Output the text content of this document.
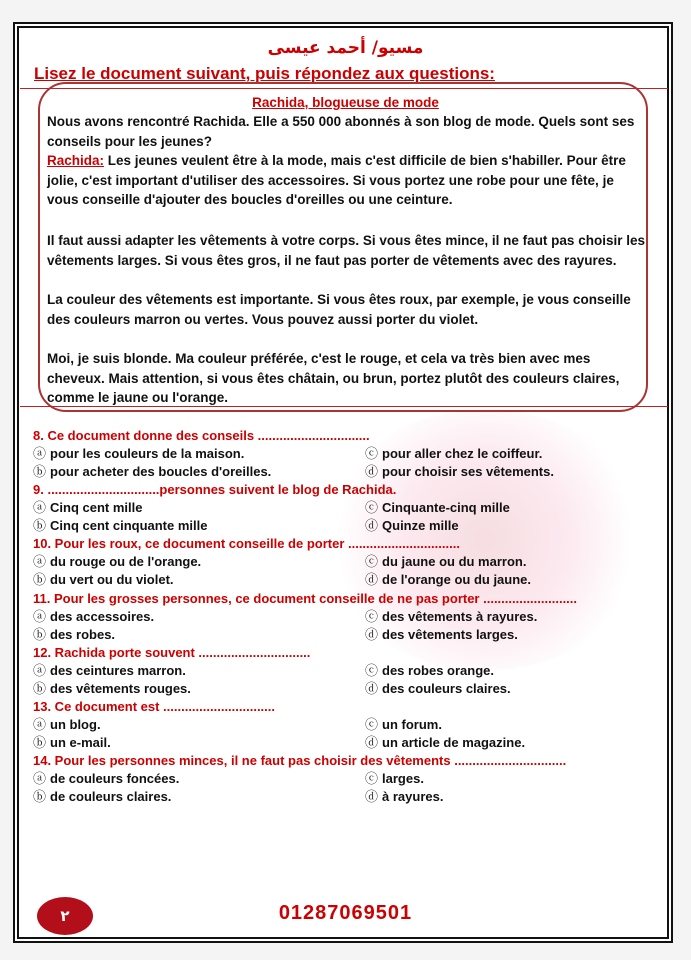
مسيو/ أحمد عيسى
Lisez le document suivant, puis répondez aux questions:
Rachida, blogueuse de mode
Nous avons rencontré Rachida. Elle a 550 000 abonnés à son blog de mode. Quels sont ses conseils pour les jeunes?
Rachida: Les jeunes veulent être à la mode, mais c'est difficile de bien s'habiller. Pour être jolie, c'est important d'utiliser des accessoires. Si vous portez une robe pour une fête, je vous conseille d'ajouter des boucles d'oreilles ou une ceinture.
Il faut aussi adapter les vêtements à votre corps. Si vous êtes mince, il ne faut pas choisir les vêtements larges. Si vous êtes gros, il ne faut pas porter de vêtements avec des rayures.
La couleur des vêtements est importante. Si vous êtes roux, par exemple, je vous conseille des couleurs marron ou vertes. Vous pouvez aussi porter du violet.
Moi, je suis blonde. Ma couleur préférée, c'est le rouge, et cela va très bien avec mes cheveux. Mais attention, si vous êtes châtain, ou brun, portez plutôt des couleurs claires, comme le jaune ou l'orange.
8. Ce document donne des conseils ...............................
ⓐ pour les couleurs de la maison.	ⓒ pour aller chez le coiffeur.
ⓑ pour acheter des boucles d'oreilles.	ⓓ pour choisir ses vêtements.
9. ...............................personnes suivent le blog de Rachida.
ⓐ Cinq cent mille	ⓒ Cinquante-cinq mille
ⓑ Cinq cent cinquante mille	ⓓ Quinze mille
10. Pour les roux, ce document conseille de porter ...............................
ⓐ du rouge ou de l'orange.	ⓒ du jaune ou du marron.
ⓑ du vert ou du violet.	ⓓ de l'orange ou du jaune.
11. Pour les grosses personnes, ce document conseille de ne pas porter ..........................
ⓐ des accessoires.	ⓒ des vêtements à rayures.
ⓑ des robes.	ⓓ des vêtements larges.
12. Rachida porte souvent ...............................
ⓐ des ceintures marron.	ⓒ des robes orange.
ⓑ des vêtements rouges.	ⓓ des couleurs claires.
13. Ce document est ...............................
ⓐ un blog.	ⓒ un forum.
ⓑ un e-mail.	ⓓ un article de magazine.
14. Pour les personnes minces, il ne faut pas choisir des vêtements ...............................
ⓐ de couleurs foncées.	ⓒ larges.
ⓑ de couleurs claires.	ⓓ à rayures.
٢	01287069501
